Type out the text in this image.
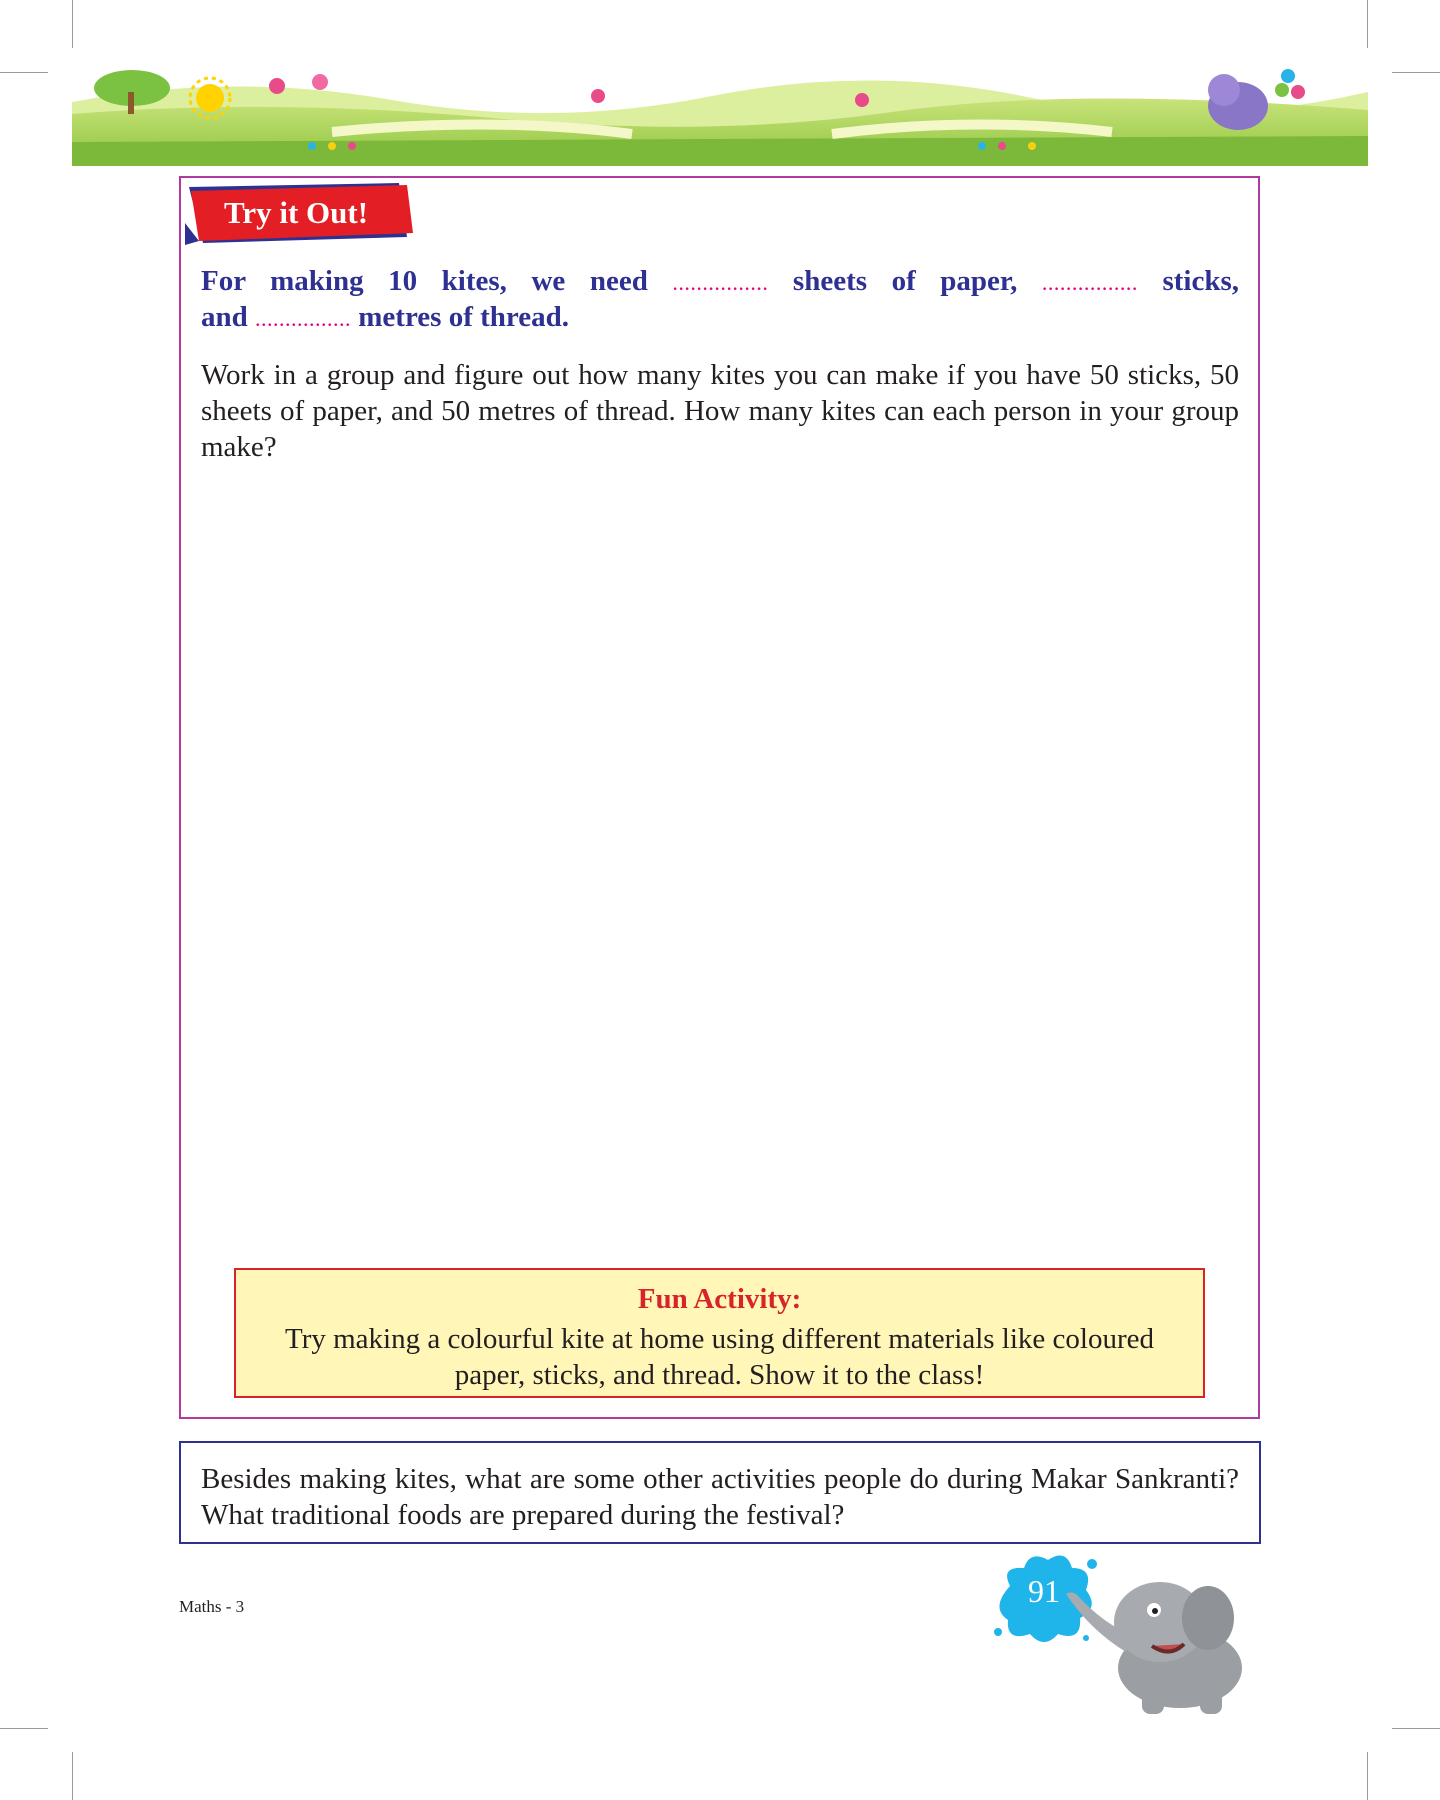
Try it Out!

For making 10 kites, we need ................ sheets of paper, ................ sticks,

and ................ metres of thread.

Work in a group and figure out how many kites you can make if you have 50 sticks, 50 sheets of paper, and 50 metres of thread. How many kites can each person in your group make?

Fun Activity:
Try making a colourful kite at home using different materials like coloured paper, sticks, and thread. Show it to the class!

Besides making kites, what are some other activities people do during Makar Sankranti? What traditional foods are prepared during the festival?

Maths - 3	91
